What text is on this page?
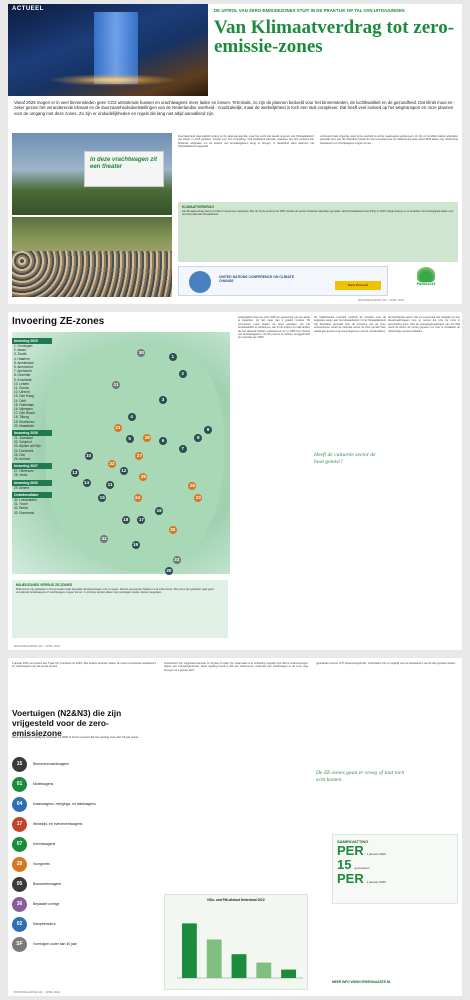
ACTUEEL	DE UITROL VAN ZERO-EMISSIEZONES STUIT IN DE PRAKTIJK OP TAL VAN UITDAGINGEN
Van Klimaatverdrag tot zero-emissie-zones
Vanaf 2025 mogen er in veel binnensteden geen CO2-uitstotende bussen en vrachtwagens meer laden en lossen. Terminals, zo zijn de plannen bedoeld voor het binnensteden, de luchtkwaliteit en de gezondheid. Dat klinkt mooi en - zeker gezien het veranderende klimaat en de duurzaamheidsdoelstellingen van de Nederlandse overheid - noodzakelijk, maar de werkelijkheid is toch een stuk complexer. Dat heeft veel invloed op het wegtransport en onze plannen voor de omgang met deze zones. Zo zijn er onduidelijkheden en regels die lang niet altijd aanvallend zijn.
in deze vrachtwagen zit een theater
Duurzaamheid staat wellicht al lang op de nationale agenda, maar het wordt wel steeds urgenter. Het Klimaatakkoord van Parijs, in 2015 gesloten, zorgde voor een versnelling. Ook Nederland tekende, waarmee het zich verbond aan bindende afspraken om de uitstoot van broeikasgassen terug te dringen. In Nederland werd daarvoor het Klimaatakkoord opgesteld.
voorbeeld zoals Urgenda, werd onze overheid tot echte maatregelen gedwongen. Zo zijn er inmiddels talloze afspraken gemaakt. Een van die afspraken betreft de zero-emissiezones: de stadscentra waar vanaf 2025 alleen nog uitstootvrije bestelauto's en vrachtwagens mogen komen.
KLIMAATVERDRAG
Het klimaatverdrag stamt uit 1992 en bevat een raamwerk. Met de Kyoto-protocol uit 1997 werden de eerste bindende afspraken gemaakt. Het Klimaatakkoord van Parijs in 2015 volgde daarop en is sindsdien het belangrijkste kader voor het internationale klimaatbeleid.
UNITED NATIONS CONFERENCE ON CLIMATE CHANGE
Paris Protocol	PARIS2015
BOUWMAGAZINE 102 · APRIL 2024
Invoering ZE-zones
30
1
2
3
31
21
4
5	29
27
6
7
8
9
10
22
12
25
13
14	11	26
15	24
16
17
18
32
19
28
33
20
23
Invoering 2025
1. Groningen
2. Assen
3. Zwolle
4. Haarlem
5. Amsterdam
6. Amersfoort
7. Apeldoorn
8. Deventer
9. Enschede
10. Leiden
11. Gouda
12. Utrecht
13. Den Haag
14. Delft
15. Rotterdam
16. Nijmegen
17. Den Bosch
18. Tilburg
19. Eindhoven
20. Maastricht
Invoering 2026
21. Zaanstad
22. Schiphol
23. Alphen a/d Rijn
24. Dordrecht
25. Ede
26. Arnhem
Invoering 2027
27. Hilversum
28. Venlo
Invoering 2030
29. Almere
Onbekend/later
30. Leeuwarden
31. Hoorn
32. Breda
33. Roermond
MILIEUZONES VERSUS ZE-ZONES
Milieuzones zijn gebieden in binnensteden waar bepaalde dieselvoertuigen niet in mogen. Diverse gemeenten hebben nu al milieuzones. ZE-zones zijn gebieden waar geen vervuilende bestelwagens of vrachtwagens mogen komen. In principe worden alleen nog voertuigen zonder uitstoot toegelaten.
belangrijkste doel om vóór 2030 de opwarming van de aarde te beperken, tot niet meer dan 2 graden Celsius. Dit voornemen moet helpen de hoge gevolgen van het broeikaseffect te voorkomen. Het is het streven om alle landen die het akkoord hebben ondertekend om in 2050 hun uitstoot van broeikasgassen met 95 procent te hebben teruggebracht ten opzichte van 1990.
De Nederlandse overheid verbindt de transitie voor de logistieke sector aan het klimaatbeleid. In het Klimaatakkoord zijn afspraken gemaakt over de invoering van de zero-emissiezones. Heeft de culturele sector de boot gemist? Een aantal gemeenten is al vroeg begonnen met de voorbereiding.
de betreffende sector. Het is nu eenmaal niet mogelijk om een dieselvrachtwagen mee te nemen die voor de zone in aanmerking komt. Met de overgangsregelingen van het Rijk wordt de sector de ruimte gegeven om over te schakelen op uitstootvrije vervoersmiddelen.
Heeft de culturele sector de boot gemist?
BOUWMAGAZINE 102 · APRIL 2024
1 januari 2025 met ouders dan 5 jaar zijn (voorheen tot 2030). Met andere woorden: alleen de meest vervuilende bestelauto's en vrachtwagens zijn als eerste de klos.
Voertuigen (N2&N3) die zijn vrijgesteld voor de zero-emissiezone
Deze vrijstelling is geldig tot minimaal 1-1-2030 of tot het moment dat het voertuig meer dan 15 jaar oud is.
15	Bewonersvrachtwagens
01	Marktwagens
04	Kraanwagens, reinigings- en takelwagens
17	Wedstrijd- en evenementwagens
07	Kermiswagens
28	Voorgevels
05	Brandweerwagens
36	Bepaalde overige
02	Kampeerauto's
SF	Voertuigen ouder dan 40 jaar
Vrachtauto's zijn vrijgesteld wanneer ze 40 jaar of ouder zijn. Daarnaast is er ontheffing mogelijk voor kleine ondernemingen tijdens een overgangsperiode. Deze regeling houdt in dat een ondernemer maximaal één vrachtwagen in de zone mag brengen tot 1 januari 2027.
NOx- und PM-uitstoot Nederland 2022
(gepaarde) vervoer of IP (bewonersgebruik). Onderdelen zijn er mogelijk voor de bestelauto's van de drie grootste steden.
De ZE-zones gaan er vroeg of laat toch echt komen.
SAMENVATTING
PER 1 januari 2025
15 gemeenten
PER 1 januari 2030
MEER INFO WWW.OPWEGNAARZE.NL
BOUWMAGAZINE 102 · APRIL 2024
